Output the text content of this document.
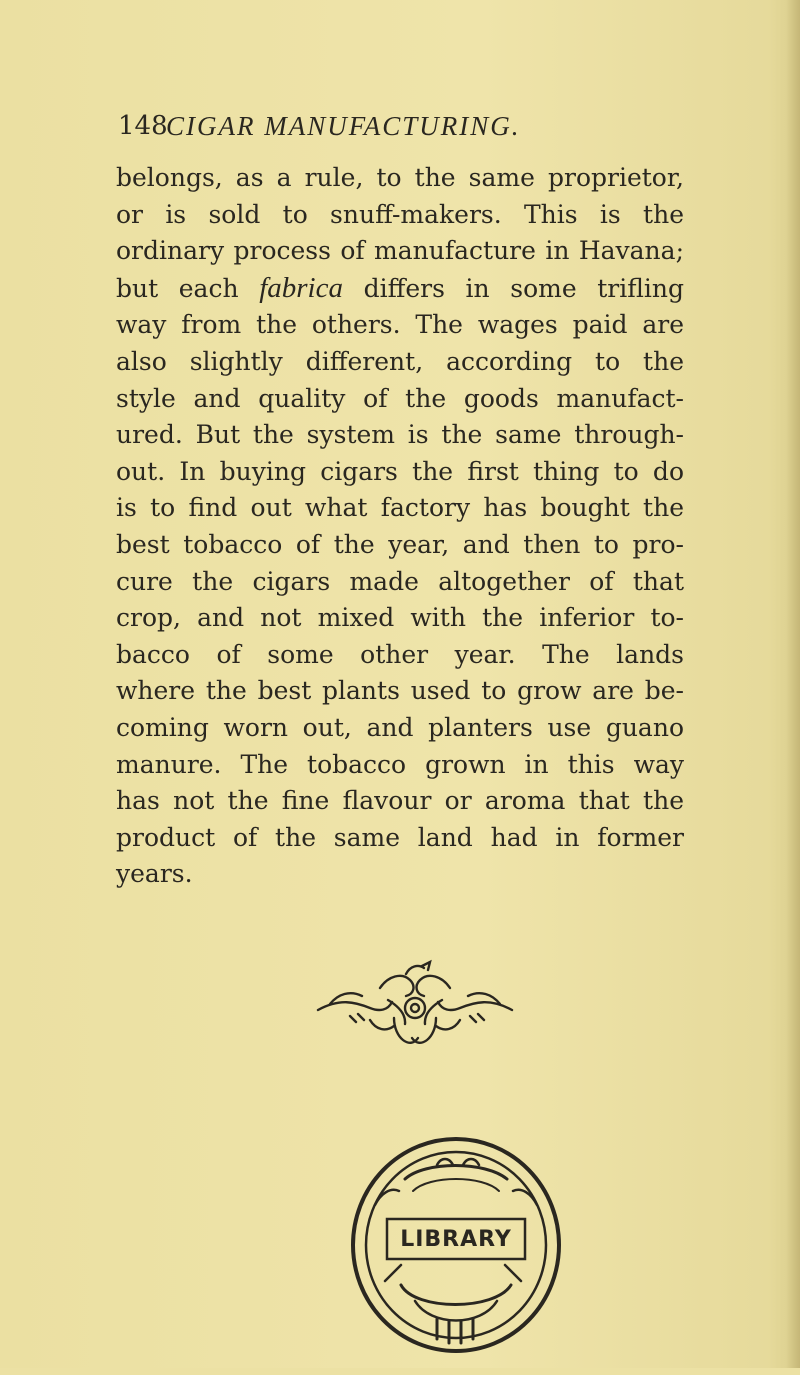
148
CIGAR MANUFACTURING.
belongs, as a rule, to the same proprietor,
or is sold to snuff-makers. This is the
ordinary process of manufacture in Havana;
but each fabrica differs in some trifling
way from the others. The wages paid are
also slightly different, according to the
style and quality of the goods manufact-
ured. But the system is the same through-
out. In buying cigars the first thing to do
is to find out what factory has bought the
best tobacco of the year, and then to pro-
cure the cigars made altogether of that
crop, and not mixed with the inferior to-
bacco of some other year. The lands
where the best plants used to grow are be-
coming worn out, and planters use guano
manure. The tobacco grown in this way
has not the fine flavour or aroma that the
product of the same land had in former
years.
LIBRARY
